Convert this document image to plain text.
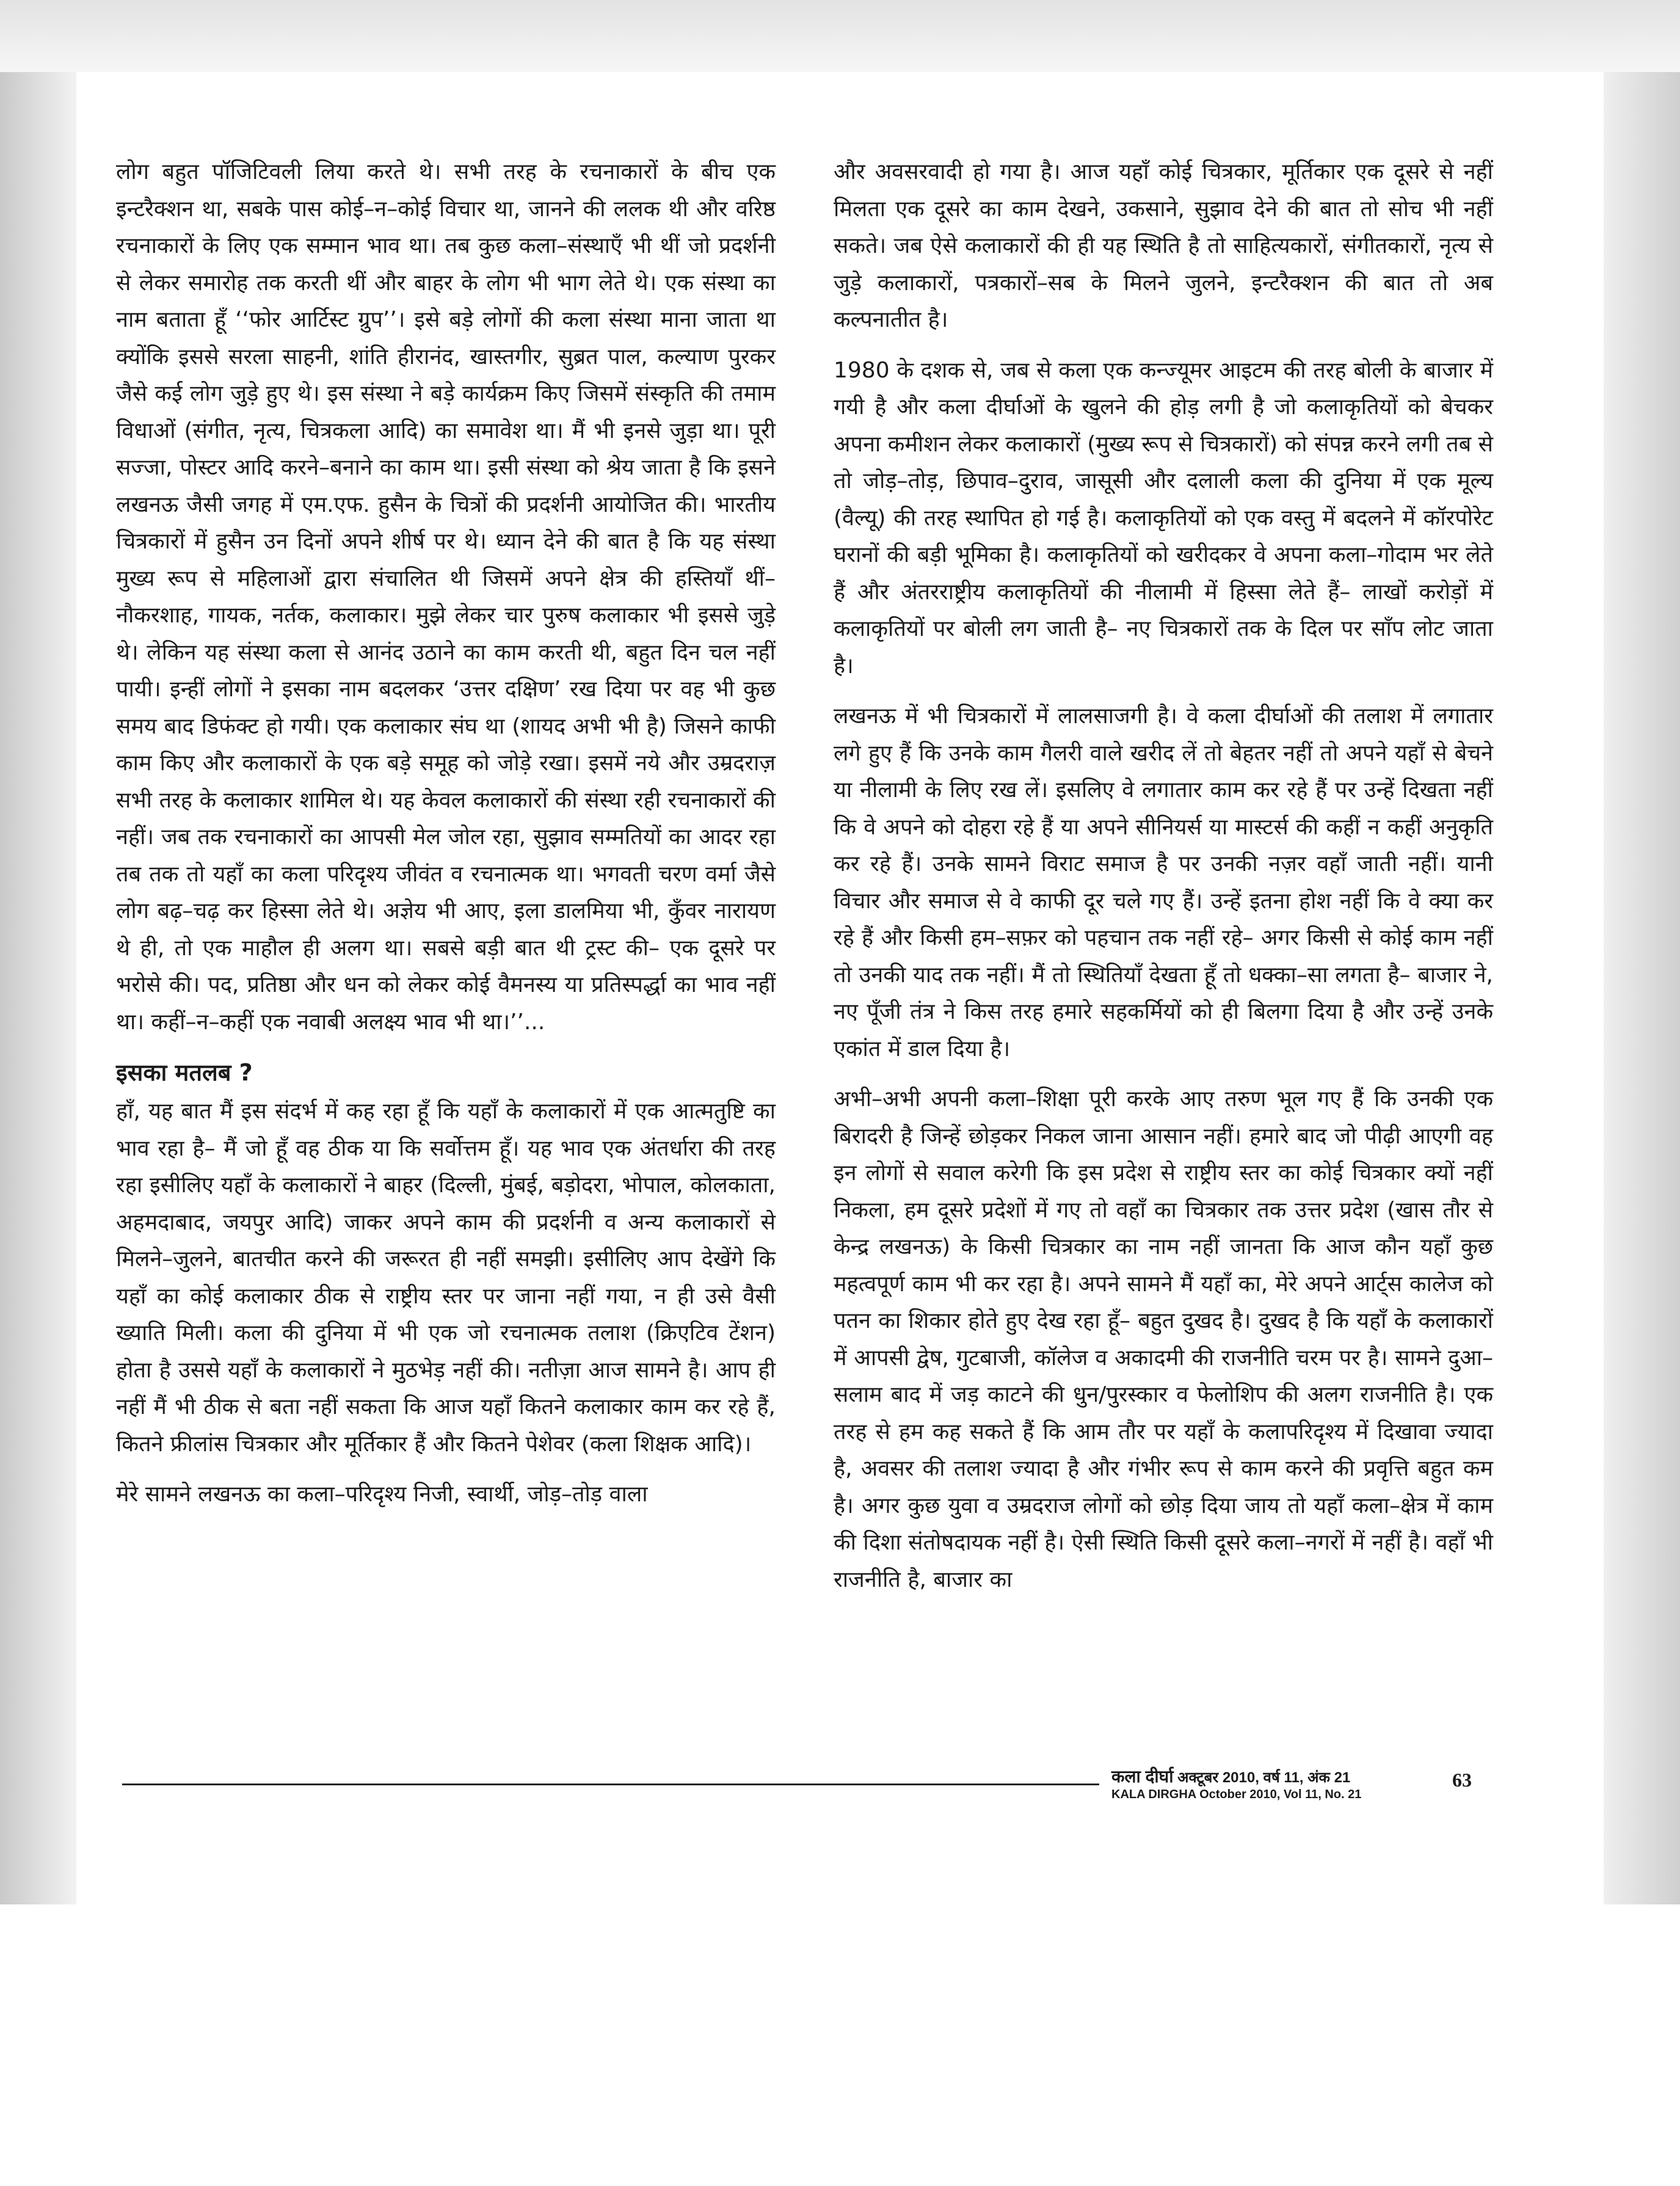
लोग बहुत पॉजिटिवली लिया करते थे। सभी तरह के रचनाकारों के बीच एक इन्टरैक्शन था, सबके पास कोई–न–कोई विचार था, जानने की ललक थी और वरिष्ठ रचनाकारों के लिए एक सम्मान भाव था। तब कुछ कला–संस्थाएँ भी थीं जो प्रदर्शनी से लेकर समारोह तक करती थीं और बाहर के लोग भी भाग लेते थे। एक संस्था का नाम बताता हूँ ‘‘फोर आर्टिस्ट ग्रुप’’। इसे बड़े लोगों की कला संस्था माना जाता था क्योंकि इससे सरला साहनी, शांति हीरानंद, खास्तगीर, सुब्रत पाल, कल्याण पुरकर जैसे कई लोग जुड़े हुए थे। इस संस्था ने बड़े कार्यक्रम किए जिसमें संस्कृति की तमाम विधाओं (संगीत, नृत्य, चित्रकला आदि) का समावेश था। मैं भी इनसे जुड़ा था। पूरी सज्जा, पोस्टर आदि करने–बनाने का काम था। इसी संस्था को श्रेय जाता है कि इसने लखनऊ जैसी जगह में एम.एफ. हुसैन के चित्रों की प्रदर्शनी आयोजित की। भारतीय चित्रकारों में हुसैन उन दिनों अपने शीर्ष पर थे। ध्यान देने की बात है कि यह संस्था मुख्य रूप से महिलाओं द्वारा संचालित थी जिसमें अपने क्षेत्र की हस्तियाँ थीं– नौकरशाह, गायक, नर्तक, कलाकार। मुझे लेकर चार पुरुष कलाकार भी इससे जुड़े थे। लेकिन यह संस्था कला से आनंद उठाने का काम करती थी, बहुत दिन चल नहीं पायी। इन्हीं लोगों ने इसका नाम बदलकर ‘उत्तर दक्षिण’ रख दिया पर वह भी कुछ समय बाद डिफंक्ट हो गयी। एक कलाकार संघ था (शायद अभी भी है) जिसने काफी काम किए और कलाकारों के एक बड़े समूह को जोड़े रखा। इसमें नये और उम्रदराज़ सभी तरह के कलाकार शामिल थे। यह केवल कलाकारों की संस्था रही रचनाकारों की नहीं। जब तक रचनाकारों का आपसी मेल जोल रहा, सुझाव सम्मतियों का आदर रहा तब तक तो यहाँ का कला परिदृश्य जीवंत व रचनात्मक था। भगवती चरण वर्मा जैसे लोग बढ़–चढ़ कर हिस्सा लेते थे। अज्ञेय भी आए, इला डालमिया भी, कुँवर नारायण थे ही, तो एक माहौल ही अलग था। सबसे बड़ी बात थी ट्रस्ट की– एक दूसरे पर भरोसे की। पद, प्रतिष्ठा और धन को लेकर कोई वैमनस्य या प्रतिस्पर्द्धा का भाव नहीं था। कहीं–न–कहीं एक नवाबी अलक्ष्य भाव भी था।’’...

इसका मतलब ?

हाँ, यह बात मैं इस संदर्भ में कह रहा हूँ कि यहाँ के कलाकारों में एक आत्मतुष्टि का भाव रहा है– मैं जो हूँ वह ठीक या कि सर्वोत्तम हूँ। यह भाव एक अंतर्धारा की तरह रहा इसीलिए यहाँ के कलाकारों ने बाहर (दिल्ली, मुंबई, बड़ोदरा, भोपाल, कोलकाता, अहमदाबाद, जयपुर आदि) जाकर अपने काम की प्रदर्शनी व अन्य कलाकारों से मिलने–जुलने, बातचीत करने की जरूरत ही नहीं समझी। इसीलिए आप देखेंगे कि यहाँ का कोई कलाकार ठीक से राष्ट्रीय स्तर पर जाना नहीं गया, न ही उसे वैसी ख्याति मिली। कला की दुनिया में भी एक जो रचनात्मक तलाश (क्रिएटिव टेंशन) होता है उससे यहाँ के कलाकारों ने मुठभेड़ नहीं की। नतीज़ा आज सामने है। आप ही नहीं मैं भी ठीक से बता नहीं सकता कि आज यहाँ कितने कलाकार काम कर रहे हैं, कितने फ्रीलांस चित्रकार और मूर्तिकार हैं और कितने पेशेवर (कला शिक्षक आदि)।

मेरे सामने लखनऊ का कला–परिदृश्य निजी, स्वार्थी, जोड़–तोड़ वाला

और अवसरवादी हो गया है। आज यहाँ कोई चित्रकार, मूर्तिकार एक दूसरे से नहीं मिलता एक दूसरे का काम देखने, उकसाने, सुझाव देने की बात तो सोच भी नहीं सकते। जब ऐसे कलाकारों की ही यह स्थिति है तो साहित्यकारों, संगीतकारों, नृत्य से जुड़े कलाकारों, पत्रकारों–सब के मिलने जुलने, इन्टरैक्शन की बात तो अब कल्पनातीत है।

1980 के दशक से, जब से कला एक कन्ज्यूमर आइटम की तरह बोली के बाजार में गयी है और कला दीर्घाओं के खुलने की होड़ लगी है जो कलाकृतियों को बेचकर अपना कमीशन लेकर कलाकारों (मुख्य रूप से चित्रकारों) को संपन्न करने लगी तब से तो जोड़–तोड़, छिपाव–दुराव, जासूसी और दलाली कला की दुनिया में एक मूल्य (वैल्यू) की तरह स्थापित हो गई है। कलाकृतियों को एक वस्तु में बदलने में कॉरपोरेट घरानों की बड़ी भूमिका है। कलाकृतियों को खरीदकर वे अपना कला–गोदाम भर लेते हैं और अंतरराष्ट्रीय कलाकृतियों की नीलामी में हिस्सा लेते हैं– लाखों करोड़ों में कलाकृतियों पर बोली लग जाती है– नए चित्रकारों तक के दिल पर साँप लोट जाता है।

लखनऊ में भी चित्रकारों में लालसाजगी है। वे कला दीर्घाओं की तलाश में लगातार लगे हुए हैं कि उनके काम गैलरी वाले खरीद लें तो बेहतर नहीं तो अपने यहाँ से बेचने या नीलामी के लिए रख लें। इसलिए वे लगातार काम कर रहे हैं पर उन्हें दिखता नहीं कि वे अपने को दोहरा रहे हैं या अपने सीनियर्स या मास्टर्स की कहीं न कहीं अनुकृति कर रहे हैं। उनके सामने विराट समाज है पर उनकी नज़र वहाँ जाती नहीं। यानी विचार और समाज से वे काफी दूर चले गए हैं। उन्हें इतना होश नहीं कि वे क्या कर रहे हैं और किसी हम–सफ़र को पहचान तक नहीं रहे– अगर किसी से कोई काम नहीं तो उनकी याद तक नहीं। मैं तो स्थितियाँ देखता हूँ तो धक्का–सा लगता है– बाजार ने, नए पूँजी तंत्र ने किस तरह हमारे सहकर्मियों को ही बिलगा दिया है और उन्हें उनके एकांत में डाल दिया है।

अभी–अभी अपनी कला–शिक्षा पूरी करके आए तरुण भूल गए हैं कि उनकी एक बिरादरी है जिन्हें छोड़कर निकल जाना आसान नहीं। हमारे बाद जो पीढ़ी आएगी वह इन लोगों से सवाल करेगी कि इस प्रदेश से राष्ट्रीय स्तर का कोई चित्रकार क्यों नहीं निकला, हम दूसरे प्रदेशों में गए तो वहाँ का चित्रकार तक उत्तर प्रदेश (खास तौर से केन्द्र लखनऊ) के किसी चित्रकार का नाम नहीं जानता कि आज कौन यहाँ कुछ महत्वपूर्ण काम भी कर रहा है। अपने सामने मैं यहाँ का, मेरे अपने आर्ट्स कालेज को पतन का शिकार होते हुए देख रहा हूँ– बहुत दुखद है। दुखद है कि यहाँ के कलाकारों में आपसी द्वेष, गुटबाजी, कॉलेज व अकादमी की राजनीति चरम पर है। सामने दुआ–सलाम बाद में जड़ काटने की धुन/पुरस्कार व फेलोशिप की अलग राजनीति है। एक तरह से हम कह सकते हैं कि आम तौर पर यहाँ के कलापरिदृश्य में दिखावा ज्यादा है, अवसर की तलाश ज्यादा है और गंभीर रूप से काम करने की प्रवृत्ति बहुत कम है। अगर कुछ युवा व उम्रदराज लोगों को छोड़ दिया जाय तो यहाँ कला–क्षेत्र में काम की दिशा संतोषदायक नहीं है। ऐसी स्थिति किसी दूसरे कला–नगरों में नहीं है। वहाँ भी राजनीति है, बाजार का

कला दीर्घा अक्टूबर 2010, वर्ष 11, अंक 21
KALA DIRGHA October 2010, Vol 11, No. 21
63
